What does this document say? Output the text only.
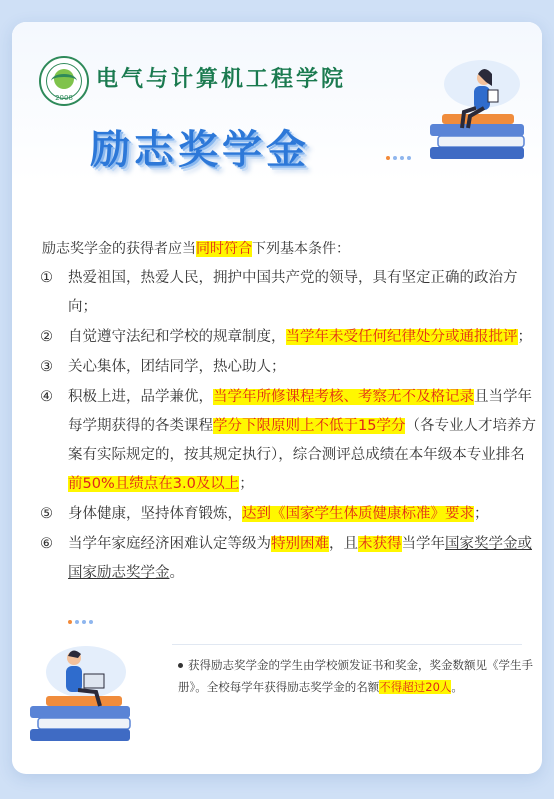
2008
电气与计算机工程学院
励志奖学金
励志奖学金的获得者应当同时符合下列基本条件：
①	热爱祖国，热爱人民，拥护中国共产党的领导，具有坚定正确的政治方向；
②	自觉遵守法纪和学校的规章制度，当学年未受任何纪律处分或通报批评；
③	关心集体，团结同学，热心助人；
④	积极上进，品学兼优，当学年所修课程考核、考察无不及格记录且当学年每学期获得的各类课程学分下限原则上不低于15学分（各专业人才培养方案有实际规定的，按其规定执行），综合测评总成绩在本年级本专业排名前50%且绩点在3.0及以上；
⑤	身体健康，坚持体育锻炼，达到《国家学生体质健康标准》要求；
⑥	当学年家庭经济困难认定等级为特别困难，且未获得当学年国家奖学金或国家励志奖学金。
获得励志奖学金的学生由学校颁发证书和奖金，奖金数额见《学生手册》。全校每学年获得励志奖学金的名额不得超过20人。
